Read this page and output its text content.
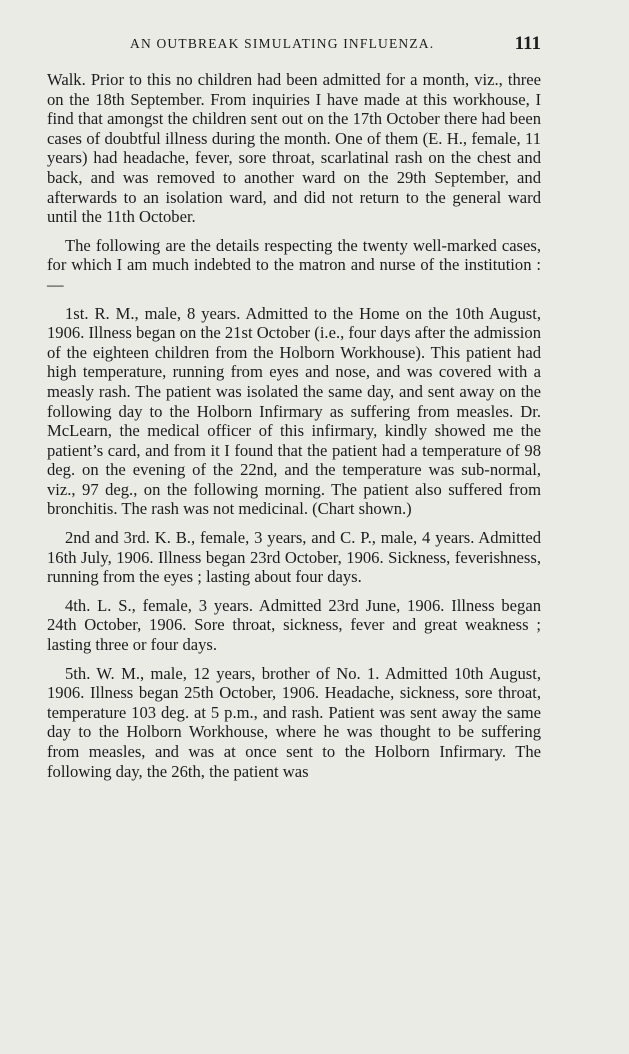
AN OUTBREAK SIMULATING INFLUENZA.	111

Walk. Prior to this no children had been admitted for a month, viz., three on the 18th September. From inquiries I have made at this workhouse, I find that amongst the children sent out on the 17th October there had been cases of doubtful illness during the month. One of them (E. H., female, 11 years) had headache, fever, sore throat, scarlatinal rash on the chest and back, and was removed to another ward on the 29th September, and afterwards to an isolation ward, and did not return to the general ward until the 11th October.

The following are the details respecting the twenty well-marked cases, for which I am much indebted to the matron and nurse of the institution :—

1st. R. M., male, 8 years. Admitted to the Home on the 10th August, 1906. Illness began on the 21st October (i.e., four days after the admission of the eighteen children from the Holborn Workhouse). This patient had high temperature, running from eyes and nose, and was covered with a measly rash. The patient was isolated the same day, and sent away on the following day to the Holborn Infirmary as suffering from measles. Dr. McLearn, the medical officer of this infirmary, kindly showed me the patient’s card, and from it I found that the patient had a temperature of 98 deg. on the evening of the 22nd, and the temperature was sub-normal, viz., 97 deg., on the following morning. The patient also suffered from bronchitis. The rash was not medicinal. (Chart shown.)

2nd and 3rd. K. B., female, 3 years, and C. P., male, 4 years. Admitted 16th July, 1906. Illness began 23rd October, 1906. Sickness, feverishness, running from the eyes ; lasting about four days.

4th. L. S., female, 3 years. Admitted 23rd June, 1906. Illness began 24th October, 1906. Sore throat, sickness, fever and great weakness ; lasting three or four days.

5th. W. M., male, 12 years, brother of No. 1. Admitted 10th August, 1906. Illness began 25th October, 1906. Headache, sickness, sore throat, temperature 103 deg. at 5 p.m., and rash. Patient was sent away the same day to the Holborn Workhouse, where he was thought to be suffering from measles, and was at once sent to the Holborn Infirmary. The following day, the 26th, the patient was
